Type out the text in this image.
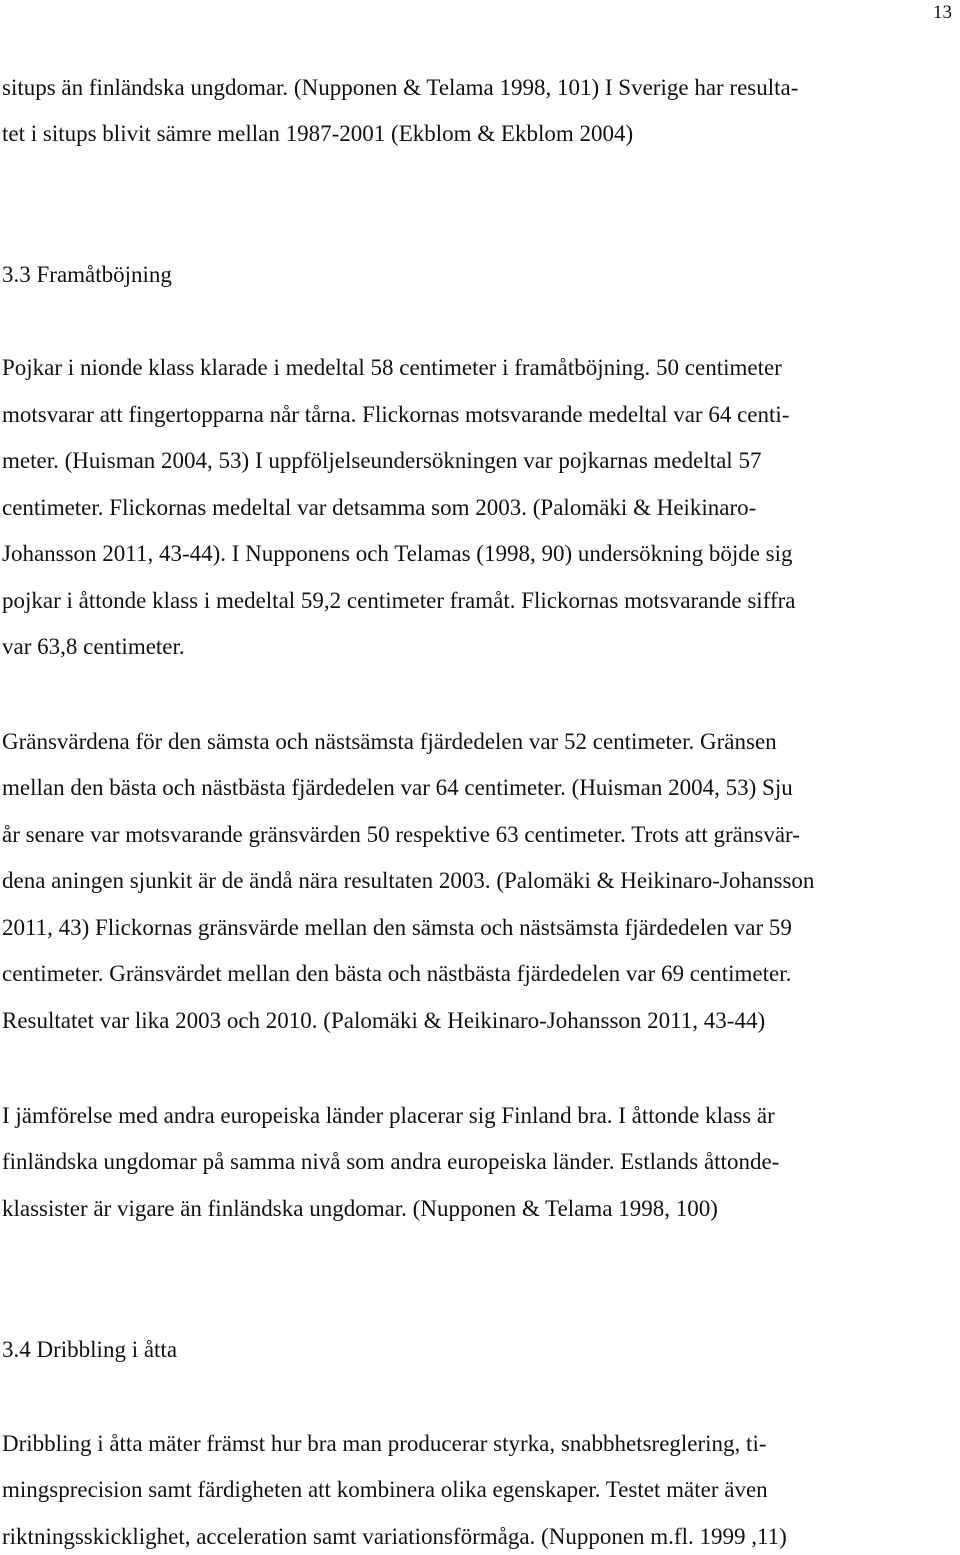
13
situps än finländska ungdomar. (Nupponen & Telama 1998, 101) I Sverige har resulta-
tet i situps blivit sämre mellan 1987-2001 (Ekblom & Ekblom 2004)
3.3 Framåtböjning
Pojkar i nionde klass klarade i medeltal 58 centimeter i framåtböjning. 50 centimeter
motsvarar att fingertopparna når tårna. Flickornas motsvarande medeltal var 64 centi-
meter. (Huisman 2004, 53) I uppföljelseundersökningen var pojkarnas medeltal 57
centimeter. Flickornas medeltal var detsamma som 2003. (Palomäki & Heikinaro-
Johansson 2011, 43-44). I Nupponens och Telamas (1998, 90) undersökning böjde sig
pojkar i åttonde klass i medeltal 59,2 centimeter framåt. Flickornas motsvarande siffra
var 63,8 centimeter.
Gränsvärdena för den sämsta och nästsämsta fjärdedelen var 52 centimeter. Gränsen
mellan den bästa och nästbästa fjärdedelen var 64 centimeter. (Huisman 2004, 53) Sju
år senare var motsvarande gränsvärden 50 respektive 63 centimeter. Trots att gränsvär-
dena aningen sjunkit är de ändå nära resultaten 2003. (Palomäki & Heikinaro-Johansson
2011, 43) Flickornas gränsvärde mellan den sämsta och nästsämsta fjärdedelen var 59
centimeter. Gränsvärdet mellan den bästa och nästbästa fjärdedelen var 69 centimeter.
Resultatet var lika 2003 och 2010. (Palomäki & Heikinaro-Johansson 2011, 43-44)
I jämförelse med andra europeiska länder placerar sig Finland bra. I åttonde klass är
finländska ungdomar på samma nivå som andra europeiska länder. Estlands åttonde-
klassister är vigare än finländska ungdomar. (Nupponen & Telama 1998, 100)
3.4 Dribbling i åtta
Dribbling i åtta mäter främst hur bra man producerar styrka, snabbhetsreglering, ti-
mingsprecision samt färdigheten att kombinera olika egenskaper. Testet mäter även
riktningsskicklighet, acceleration samt variationsförmåga. (Nupponen m.fl. 1999 ,11)
